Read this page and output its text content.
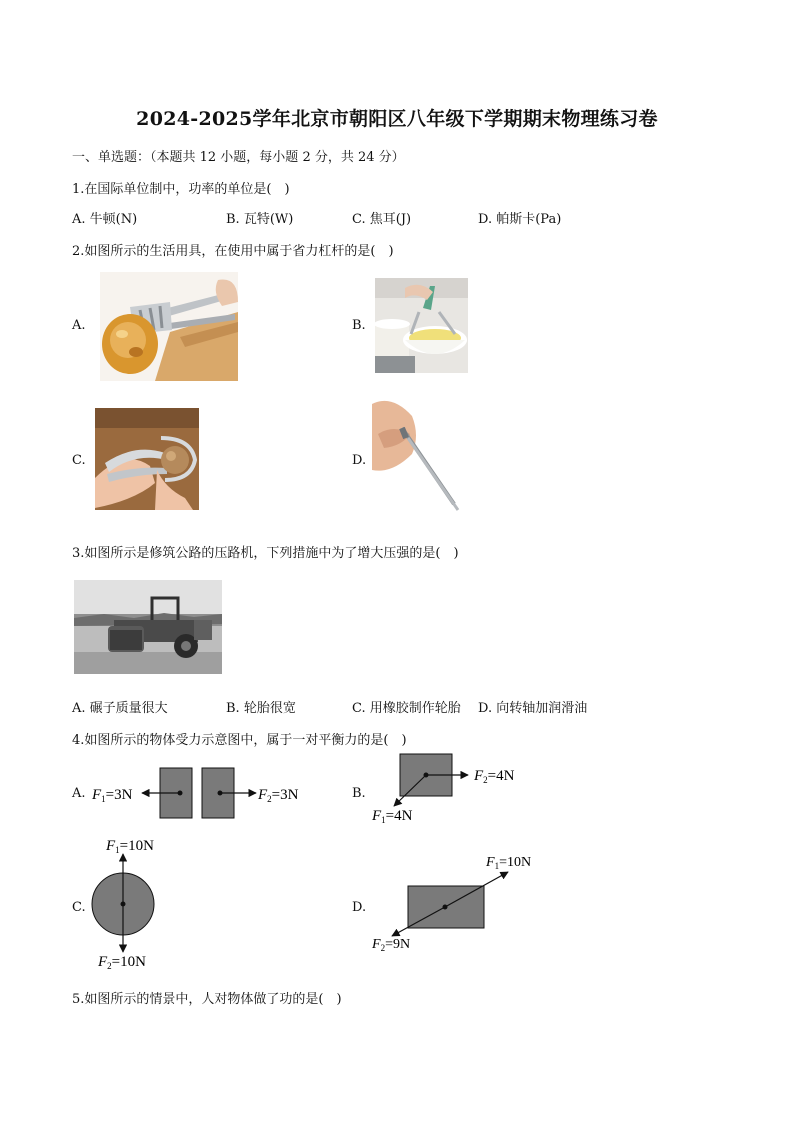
2024-2025学年北京市朝阳区八年级下学期期末物理练习卷
一、单选题：（本题共 12 小题，每小题 2 分，共 24 分）
1.在国际单位制中，功率的单位是(　)
A. 牛顿(N)	B. 瓦特(W)	C. 焦耳(J)	D. 帕斯卡(Pa)
2.如图所示的生活用具，在使用中属于省力杠杆的是(　)
A.	B.
C.	D.
3.如图所示是修筑公路的压路机，下列措施中为了增大压强的是(　)
A. 碾子质量很大	B. 轮胎很宽	C. 用橡胶制作轮胎 D. 向转轴加润滑油
4.如图所示的物体受力示意图中，属于一对平衡力的是(　)
A. $F_1=3N$	$F_2=3N$	B.
$F_2=4N$
$F_1=4N$
C.
$F_1=10N$
$F_2=10N$
D.
$F_1=10N$
$F_2=9N$
5.如图所示的情景中，人对物体做了功的是(　)
